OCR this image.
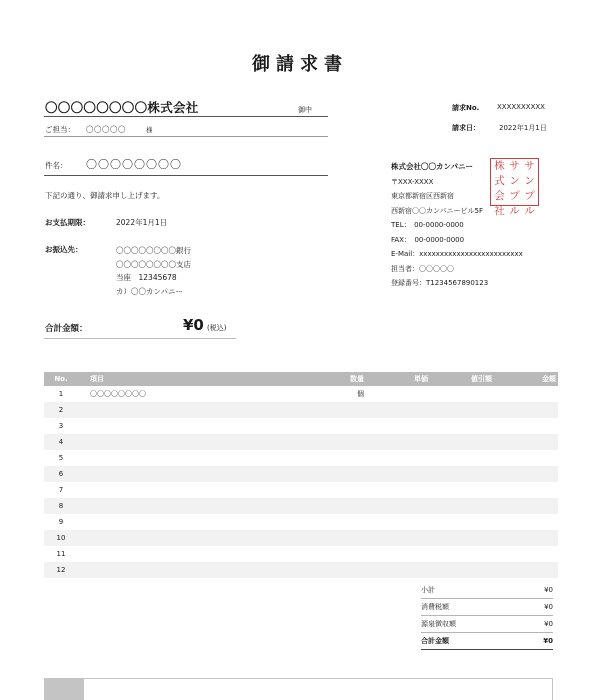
御請求書
〇〇〇〇〇〇〇〇株式会社	御中
ご担当： 〇〇〇〇〇	様
請求No.	XXXXXXXXXX
請求日：	2022年1月1日
件名： 〇〇〇〇〇〇〇〇
下記の通り、御請求申し上げます。
お支払期限：	2022年1月1日
お振込先：	〇〇〇〇〇〇〇〇銀行
〇〇〇〇〇〇〇〇支店
当座　12345678
カ）〇〇カンパニー
株式会社〇〇カンパニー
〒XXX-XXXX
東京都新宿区西新宿
西新宿〇〇カンパニービル5F
TEL：　00-0000-0000
FAX：　00-0000-0000
E-Mail：xxxxxxxxxxxxxxxxxxxxxxxxx
担当者：〇〇〇〇〇
登録番号：T1234567890123
株 サ サ
式 ン ン
会 プ プ
社 ル ル
合計金額：	¥0 (税込)
No.	項目	数量	単価	値引額	金額
1	〇〇〇〇〇〇〇〇	個			
2					
3					
4					
5					
6					
7					
8					
9					
10					
11					
12					
小計	¥0
消費税額	¥0
源泉徴収額	¥0
合計金額	¥0
